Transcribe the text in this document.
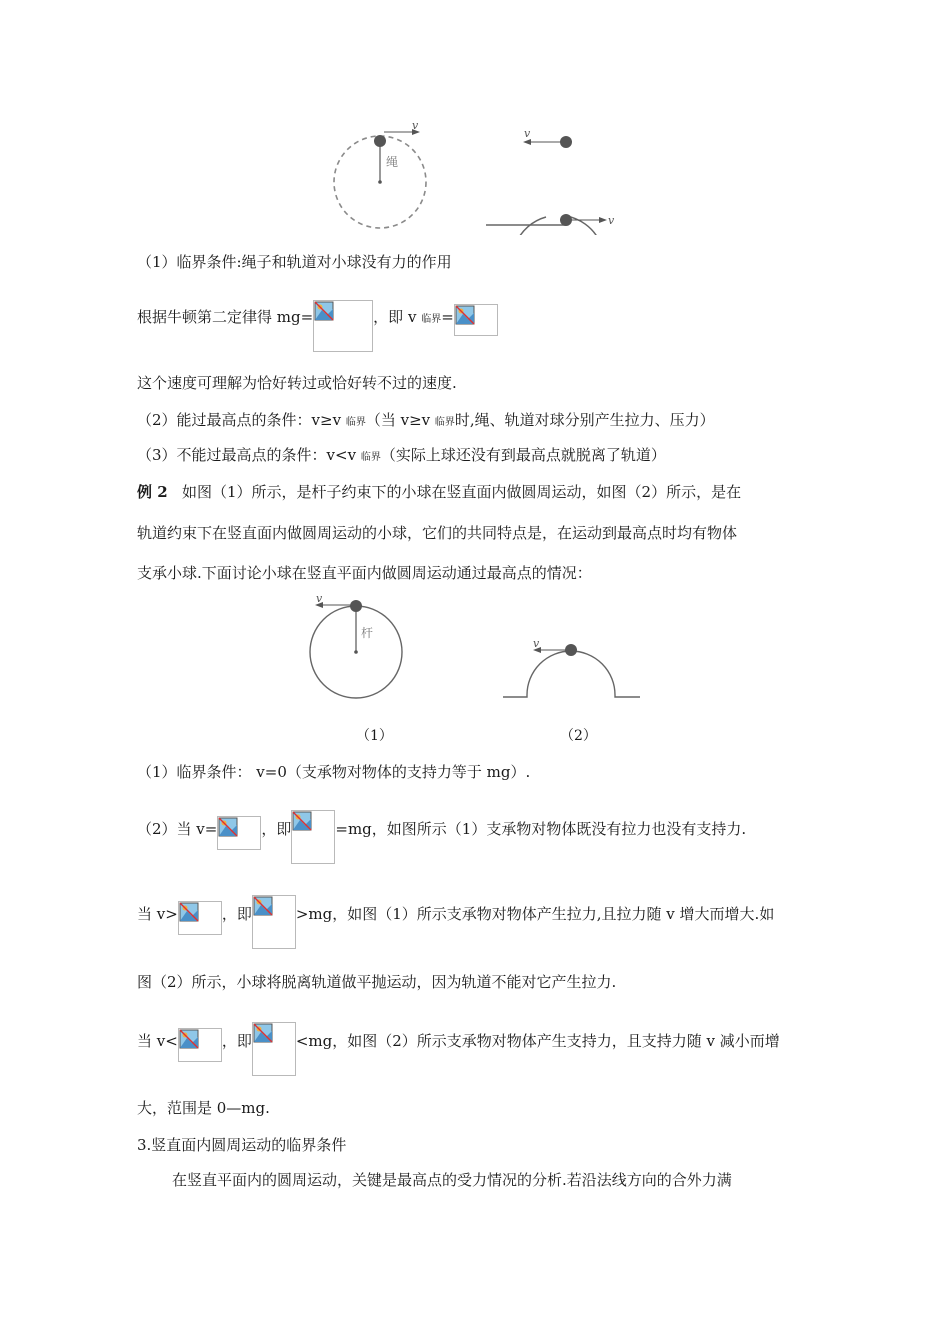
v
绳
v
v
（1）临界条件:绳子和轨道对小球没有力的作用
根据牛顿第二定律得 mg=	，即 v 临界=
这个速度可理解为恰好转过或恰好转不过的速度.
（2）能过最高点的条件：v≥v 临界（当 v≥v 临界时,绳、轨道对球分别产生拉力、压力）
（3）不能过最高点的条件：v<v 临界（实际上球还没有到最高点就脱离了轨道）
例 2 如图（1）所示，是杆子约束下的小球在竖直面内做圆周运动，如图（2）所示，是在
轨道约束下在竖直面内做圆周运动的小球，它们的共同特点是，在运动到最高点时均有物体
支承小球.下面讨论小球在竖直平面内做圆周运动通过最高点的情况：
v
杆
v
（1）	（2）
（1）临界条件： v=0（支承物对物体的支持力等于 mg）.
（2）当 v=	，即	=mg，如图所示（1）支承物对物体既没有拉力也没有支持力.
当 v>	，即	>mg，如图（1）所示支承物对物体产生拉力,且拉力随 v 增大而增大.如
图（2）所示，小球将脱离轨道做平抛运动，因为轨道不能对它产生拉力.
当 v<	，即	<mg，如图（2）所示支承物对物体产生支持力，且支持力随 v 减小而增
大，范围是 0—mg.
3.竖直面内圆周运动的临界条件
在竖直平面内的圆周运动，关键是最高点的受力情况的分析.若沿法线方向的合外力满
